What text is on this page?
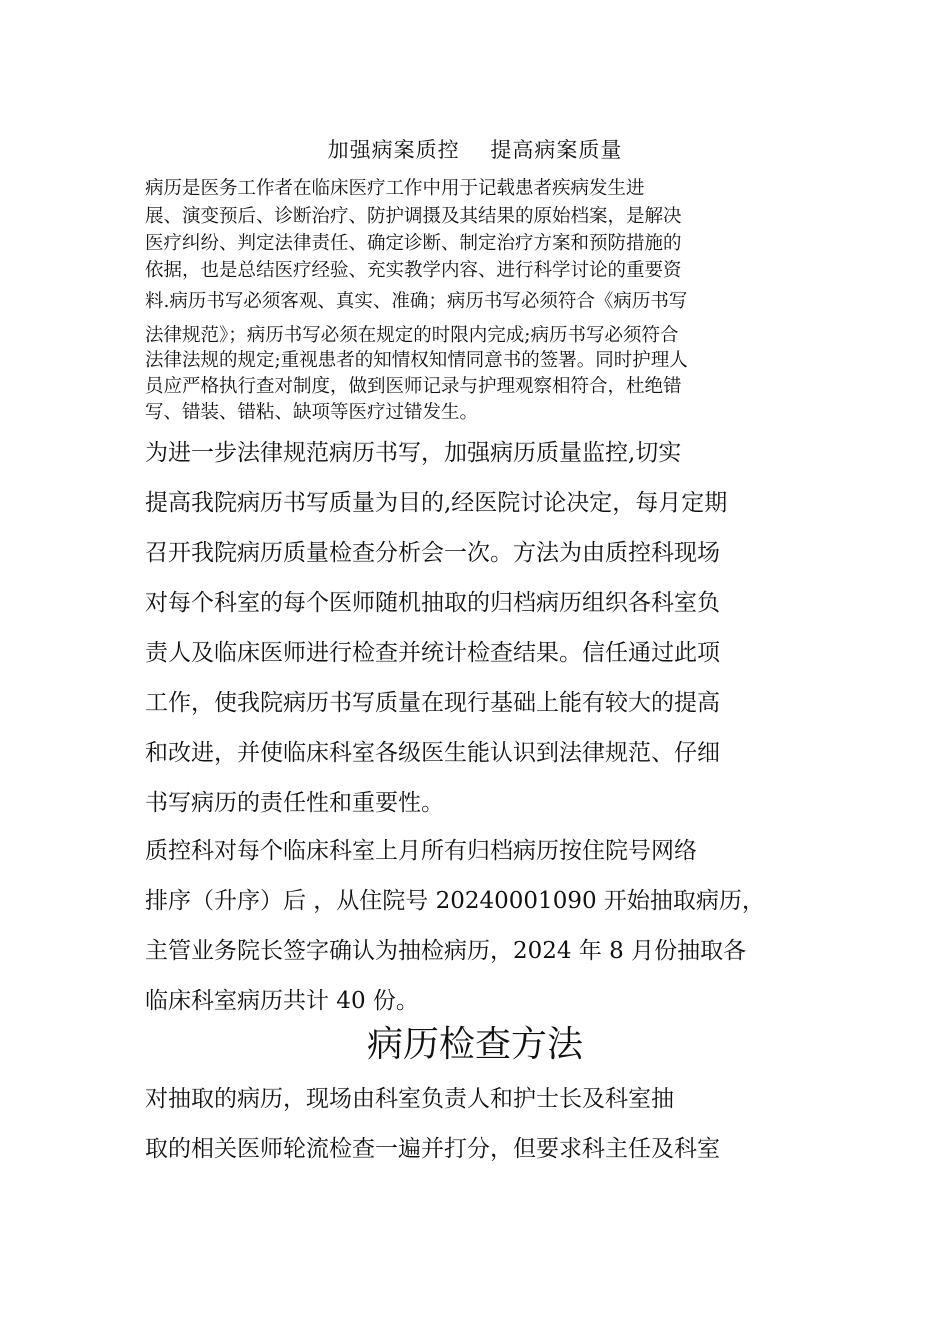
加强病案质控    提高病案质量
病历是医务工作者在临床医疗工作中用于记载患者疾病发生进
展、演变预后、诊断治疗、防护调摄及其结果的原始档案，是解决
医疗纠纷、判定法律责任、确定诊断、制定治疗方案和预防措施的
依据，也是总结医疗经验、充实教学内容、进行科学讨论的重要资
料.病历书写必须客观、真实、准确；病历书写必须符合《病历书写
法律规范》；病历书写必须在规定的时限内完成;病历书写必须符合
法律法规的规定;重视患者的知情权知情同意书的签署。同时护理人
员应严格执行查对制度，做到医师记录与护理观察相符合，杜绝错
写、错装、错粘、缺项等医疗过错发生。
为进一步法律规范病历书写，加强病历质量监控,切实
提高我院病历书写质量为目的,经医院讨论决定，每月定期
召开我院病历质量检查分析会一次。方法为由质控科现场
对每个科室的每个医师随机抽取的归档病历组织各科室负
责人及临床医师进行检查并统计检查结果。信任通过此项
工作，使我院病历书写质量在现行基础上能有较大的提高
和改进，并使临床科室各级医生能认识到法律规范、仔细
书写病历的责任性和重要性。
质控科对每个临床科室上月所有归档病历按住院号网络
排序（升序）后 ，从住院号 20240001090 开始抽取病历，
主管业务院长签字确认为抽检病历，2024 年 8 月份抽取各
临床科室病历共计 40 份。
病历检查方法
对抽取的病历，现场由科室负责人和护士长及科室抽
取的相关医师轮流检查一遍并打分，但要求科主任及科室
